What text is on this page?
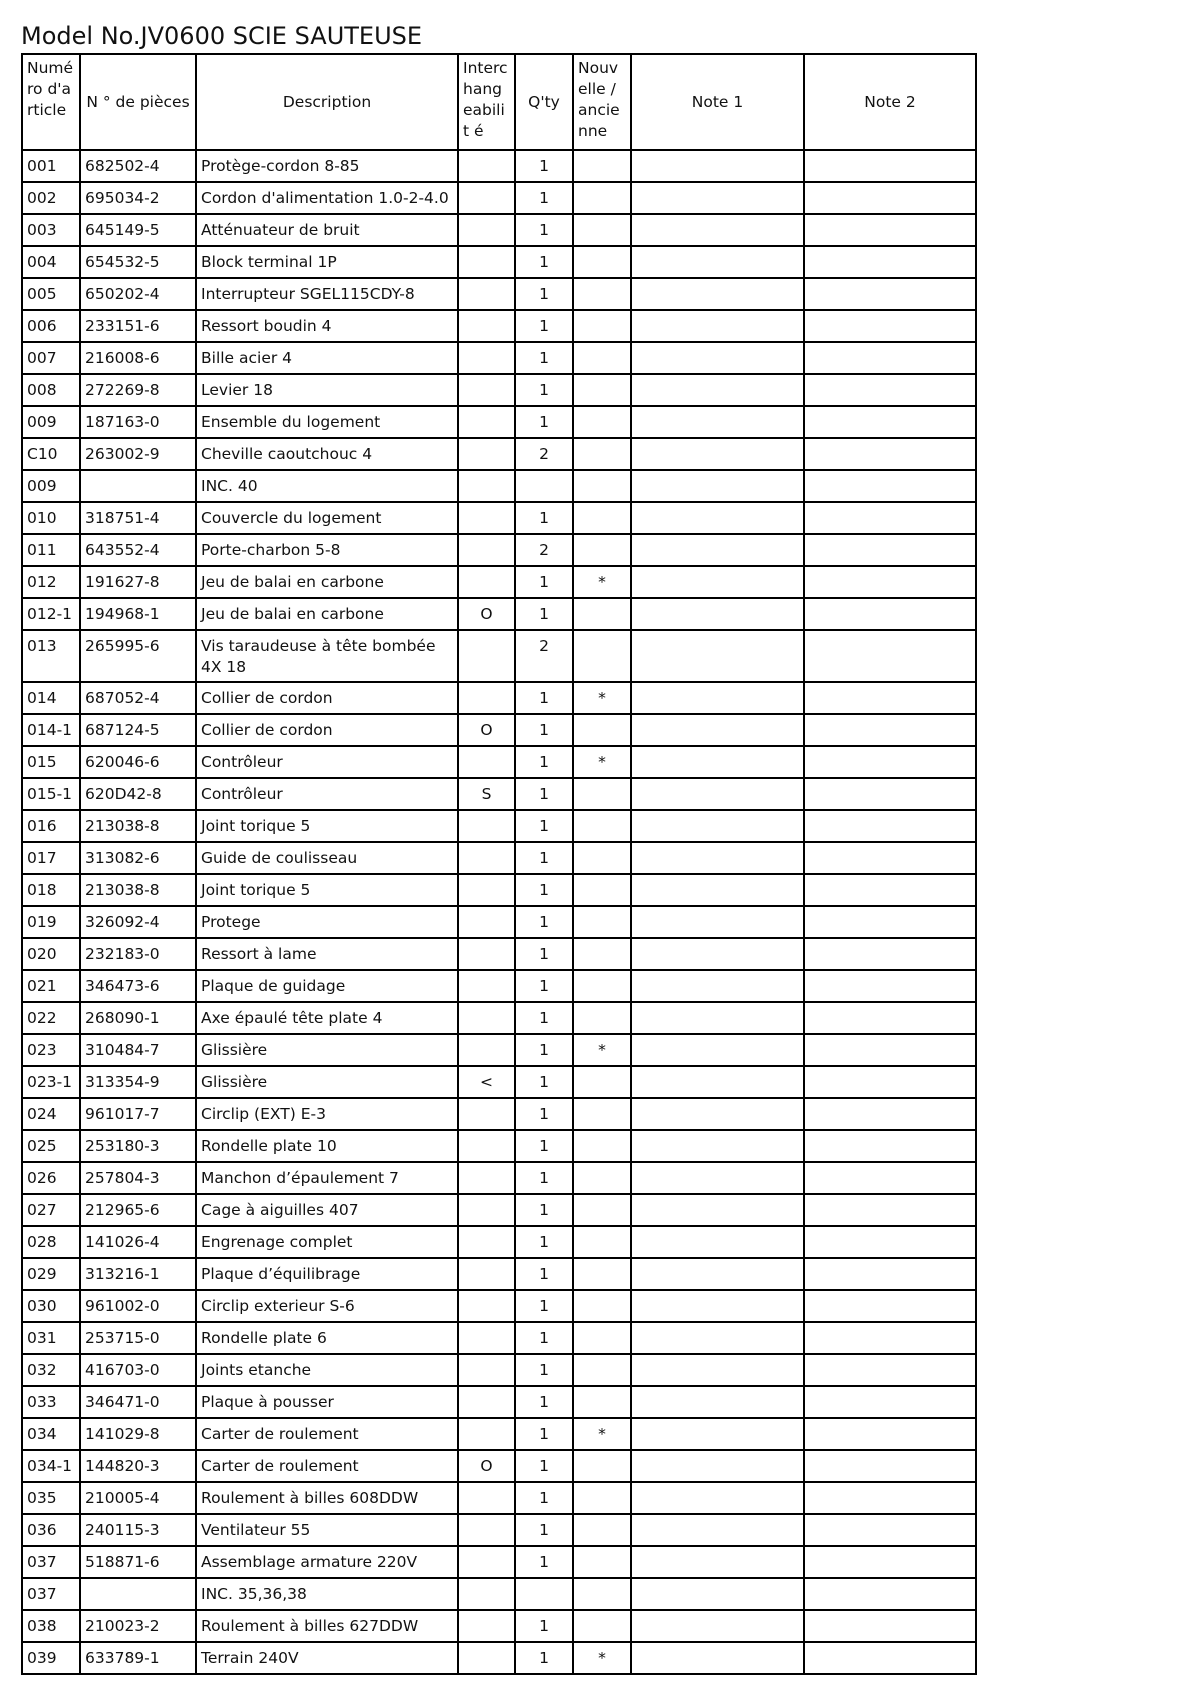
Model No.JV0600 SCIE SAUTEUSE
Numé ro d'a rticle	N ° de pièces	Description	Interc hang eabilit é	Q'ty	Nouv elle / ancie nne	Note 1	Note 2
001	682502-4	Protège-cordon 8-85		1			
002	695034-2	Cordon d'alimentation 1.0-2-4.0		1			
003	645149-5	Atténuateur de bruit		1			
004	654532-5	Block terminal 1P		1			
005	650202-4	Interrupteur SGEL115CDY-8		1			
006	233151-6	Ressort boudin 4		1			
007	216008-6	Bille acier 4		1			
008	272269-8	Levier 18		1			
009	187163-0	Ensemble du logement		1			
C10	263002-9	Cheville caoutchouc 4		2			
009		INC. 40					
010	318751-4	Couvercle du logement		1			
011	643552-4	Porte-charbon 5-8		2			
012	191627-8	Jeu de balai en carbone		1	*		
012-1	194968-1	Jeu de balai en carbone	O	1			
013	265995-6	Vis taraudeuse à tête bombée 4X 18		2			
014	687052-4	Collier de cordon		1	*		
014-1	687124-5	Collier de cordon	O	1			
015	620046-6	Contrôleur		1	*		
015-1	620D42-8	Contrôleur	S	1			
016	213038-8	Joint torique 5		1			
017	313082-6	Guide de coulisseau		1			
018	213038-8	Joint torique 5		1			
019	326092-4	Protege		1			
020	232183-0	Ressort à lame		1			
021	346473-6	Plaque de guidage		1			
022	268090-1	Axe épaulé tête plate 4		1			
023	310484-7	Glissière		1	*		
023-1	313354-9	Glissière	<	1			
024	961017-7	Circlip (EXT) E-3		1			
025	253180-3	Rondelle plate 10		1			
026	257804-3	Manchon d’épaulement 7		1			
027	212965-6	Cage à aiguilles 407		1			
028	141026-4	Engrenage complet		1			
029	313216-1	Plaque d’équilibrage		1			
030	961002-0	Circlip exterieur S-6		1			
031	253715-0	Rondelle plate 6		1			
032	416703-0	Joints etanche		1			
033	346471-0	Plaque à pousser		1			
034	141029-8	Carter de roulement		1	*		
034-1	144820-3	Carter de roulement	O	1			
035	210005-4	Roulement à billes 608DDW		1			
036	240115-3	Ventilateur 55		1			
037	518871-6	Assemblage armature 220V		1			
037		INC. 35,36,38					
038	210023-2	Roulement à billes 627DDW		1			
039	633789-1	Terrain 240V		1	*		
